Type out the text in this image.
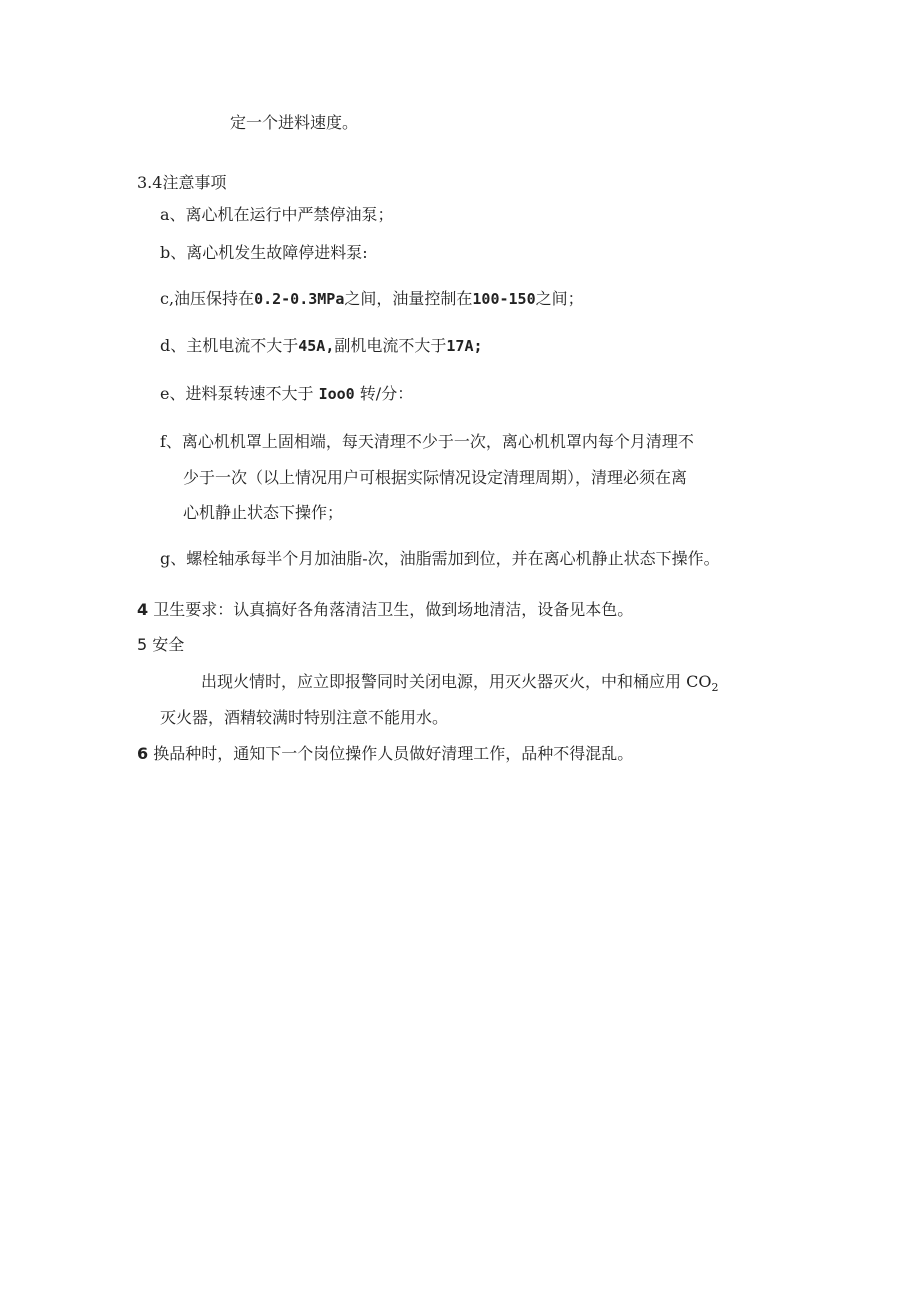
定一个进料速度。
3.4注意事项
a、离心机在运行中严禁停油泵；
b、离心机发生故障停进料泵:
c,油压保持在0.2-0.3MPa之间，油量控制在100-150之间；
d、主机电流不大于45A,副机电流不大于17A;
e、进料泵转速不大于 Ioo0 转/分：
f、离心机机罩上固相端，每天清理不少于一次，离心机机罩内每个月清理不
少于一次（以上情况用户可根据实际情况设定清理周期），清理必须在离
心机静止状态下操作；
g、螺栓轴承每半个月加油脂-次，油脂需加到位，并在离心机静止状态下操作。
4 卫生要求：认真搞好各角落清洁卫生，做到场地清洁，设备见本色。
5 安全
出现火情时，应立即报警同时关闭电源，用灭火器灭火，中和桶应用 $CO_2$
灭火器，酒精较满时特别注意不能用水。
6 换品种时，通知下一个岗位操作人员做好清理工作，品种不得混乱。
